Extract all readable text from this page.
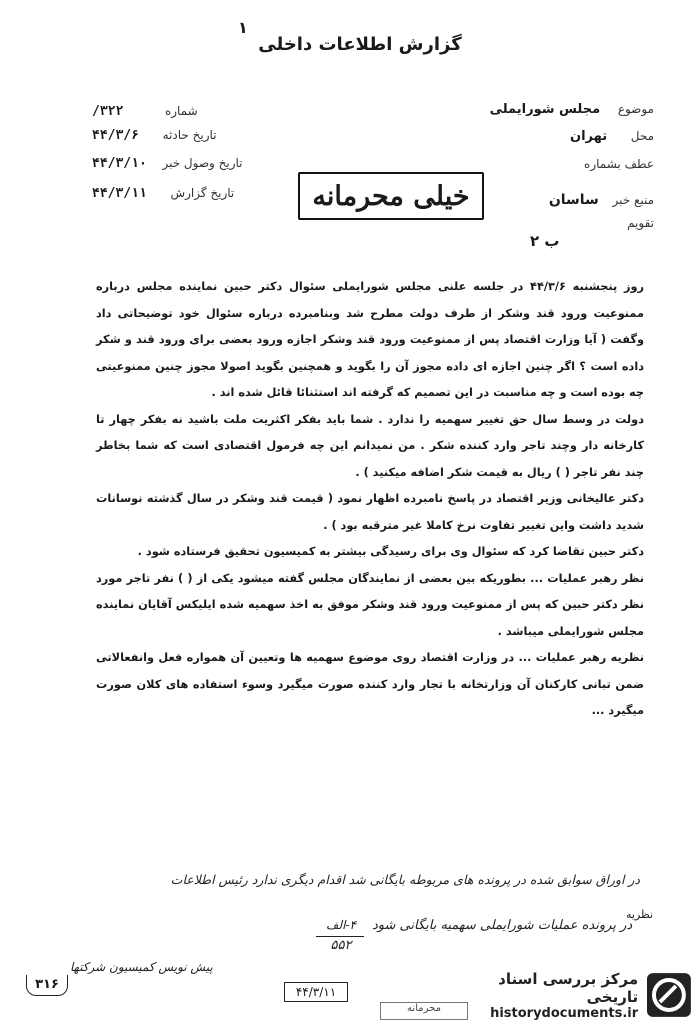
۱
گزارش اطلاعات داخلی
شماره  ۳۲۲/
تاریخ حادثه  ۴۴/۳/۶
تاریخ وصول خبر  ۴۴/۳/۱۰
تاریخ گزارش  ۴۴/۳/۱۱
موضوع  مجلس شورایملی
محل  تهران
عطف بشماره
منبع خبر  ساسان
تقویم
ب ۲
خیلی محرمانه

روز پنجشنبه ۴۴/۳/۶ در جلسه علنی مجلس شورایملی سئوال دکتر حبین نماینده مجلس درباره ممنوعیت ورود قند وشکر از طرف دولت مطرح شد وبنامبرده درباره سئوال خود توضیحاتی داد وگفت ( آیا وزارت اقتصاد پس از ممنوعیت ورود قند وشکر اجازه ورود بعضی برای ورود قند و شکر داده است ؟ اگر چنین اجازه ای داده مجوز آن را بگوید و همچنین بگوید اصولا مجوز چنین ممنوعیتی چه بوده است و چه مناسبت در این تصمیم که گرفته اند استثنائا قائل شده اند .

دولت در وسط سال حق تغییر سهمیه را ندارد . شما باید بفکر اکثریت ملت باشید نه بفکر چهار تا کارخانه دار وچند تاجر وارد کننده شکر . من نمیدانم این چه فرمول اقتصادی است که شما بخاطر چند نفر تاجر ( ) ریال به قیمت شکر اضافه میکنید ) .

دکتر عالیخانی وزیر اقتصاد در پاسخ نامبرده اظهار نمود ( قیمت قند وشکر در سال گذشته نوسانات شدید داشت واین تغییر تفاوت نرخ کاملا غیر مترقبه بود ) .

دکتر حبین تقاضا کرد که سئوال وی برای رسیدگی بیشتر به کمیسیون تحقیق فرستاده شود .

نظر رهبر عملیات ... بطوریکه بین بعضی از نمایندگان مجلس گفته میشود یکی از ( ) نفر تاجر مورد نظر دکتر حبین که پس از ممنوعیت ورود قند وشکر موفق به اخذ سهمیه شده ایلیکس آقایان نماینده مجلس شورایملی میباشد .

نظریه رهبر عملیات ... در وزارت اقتصاد روی موضوع سهمیه ها وتعیین آن همواره فعل وانفعالاتی ضمن تبانی کارکنان آن وزارتخانه با تجار وارد کننده صورت میگیرد وسوء استفاده های کلان صورت میگیرد ...

در اوراق سوابق شده در پرونده های مربوطه بایگانی شد اقدام دیگری ندارد رئیس اطلاعات
نظریه
در پرونده عملیات شورایملی سهمیه بایگانی شود
۴-الف
۵۵۲
پیش نویس کمیسیون شرکتها
۳۱۶	۴۴/۳/۱۱
محرمانه
مرکز بررسی اسناد تاریخی
historydocuments.ir
